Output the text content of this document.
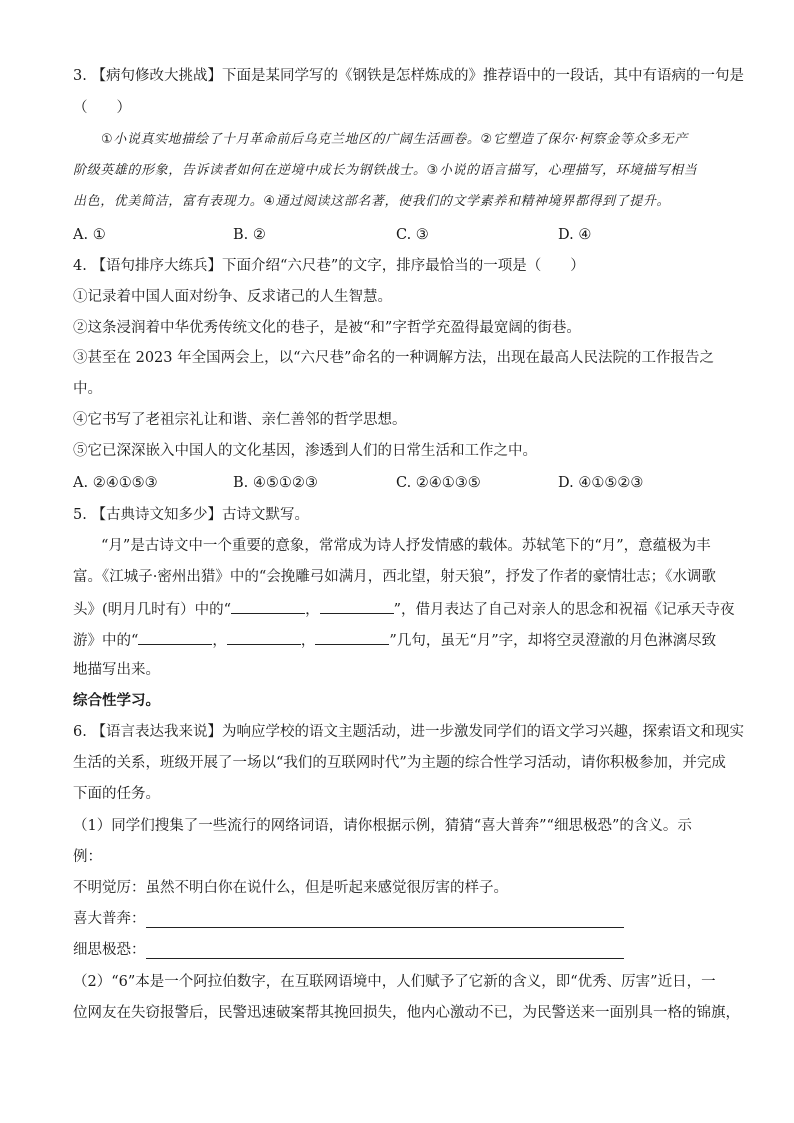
3. 【病句修改大挑战】下面是某同学写的《钢铁是怎样炼成的》推荐语中的一段话，其中有语病的一句是
（　　）
①小说真实地描绘了十月革命前后乌克兰地区的广阔生活画卷。②它塑造了保尔·柯察金等众多无产
阶级英雄的形象，告诉读者如何在逆境中成长为钢铁战士。③小说的语言描写，心理描写，环境描写相当
出色，优美简洁，富有表现力。④通过阅读这部名著，使我们的文学素养和精神境界都得到了提升。
A. ①	B. ②	C. ③	D. ④
4. 【语句排序大练兵】下面介绍“六尺巷”的文字，排序最恰当的一项是（　　）
①记录着中国人面对纷争、反求诸己的人生智慧。
②这条浸润着中华优秀传统文化的巷子，是被“和”字哲学充盈得最宽阔的街巷。
③甚至在 2023 年全国两会上，以“六尺巷”命名的一种调解方法，出现在最高人民法院的工作报告之
中。
④它书写了老祖宗礼让和谐、亲仁善邻的哲学思想。
⑤它已深深嵌入中国人的文化基因，渗透到人们的日常生活和工作之中。
A. ②④①⑤③	B. ④⑤①②③	C. ②④①③⑤	D. ④①⑤②③
5. 【古典诗文知多少】古诗文默写。
“月”是古诗文中一个重要的意象，常常成为诗人抒发情感的载体。苏轼笔下的“月”，意蕴极为丰
富。《江城子·密州出猎》中的“会挽雕弓如满月，西北望，射天狼”，抒发了作者的豪情壮志；《水调歌
头》(明月几时有）中的“	，	”，借月表达了自己对亲人的思念和祝福《记承天寺夜
游》中的“	，	，	”几句，虽无“月”字，却将空灵澄澈的月色淋漓尽致
地描写出来。
综合性学习。
6. 【语言表达我来说】为响应学校的语文主题活动，进一步激发同学们的语文学习兴趣，探索语文和现实
生活的关系，班级开展了一场以“我们的互联网时代”为主题的综合性学习活动，请你积极参加，并完成
下面的任务。
（1）同学们搜集了一些流行的网络词语，请你根据示例，猜猜“喜大普奔”“细思极恐”的含义。示
例：
不明觉厉：虽然不明白你在说什么，但是听起来感觉很厉害的样子。
喜大普奔：
细思极恐：
（2）“6”本是一个阿拉伯数字，在互联网语境中，人们赋予了它新的含义，即“优秀、厉害”近日，一
位网友在失窃报警后，民警迅速破案帮其挽回损失，他内心激动不已，为民警送来一面别具一格的锦旗，
